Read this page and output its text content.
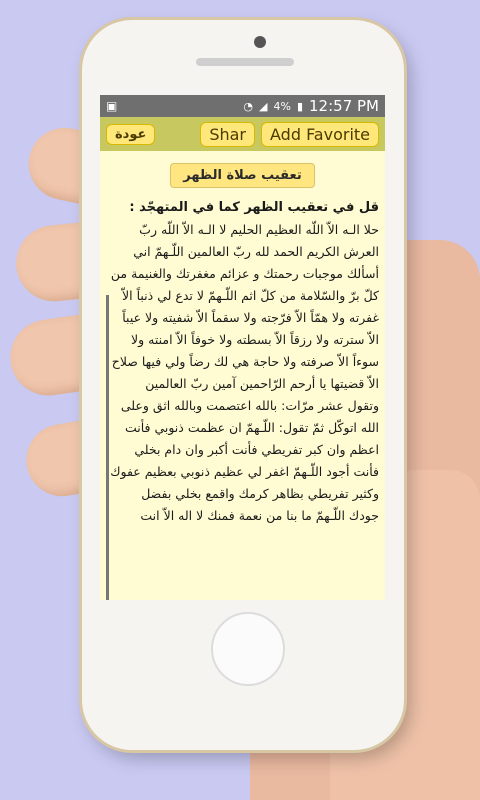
▣	◔ ◢ 4% ▮ 12:57 PM
عودة	Shar	Add Favorite
تعقيب صلاة الظهر
قل في تعقيب الظّهر كما في المتهجّد :

حلا الـه الاّ اللّه العظيم الحليم لا الـه الاّ اللّه ربّ العرش الكريم الحمد لله ربّ العالمين اللّـهمّ اني أسألك موجبات رحمتك و عزائم مغفرتك والغنيمة من كلّ برّ والسّلامة من كلّ اثم اللّـهمّ لا تدع لي ذنباً الاّ غفرته ولا همّاً الاّ فرّجته ولا سقماً الاّ شفيته ولا عيباً الاّ سترته ولا رزقاً الاّ بسطته ولا خوفاً الاّ امنته ولا سوءاً الاّ صرفته ولا حاجة هي لك رضاً ولي فيها صلاح الاّ قضيتها يا أرحم الرّاحمين آمين ربّ العالمين

وتقول عشر مرّات: بالله اعتصمت وبالله اثق وعلى الله اتوكّل ثمّ تقول: اللّـهمّ ان عظمت ذنوبي فأنت اعظم وان كبر تفريطي فأنت أكبر وان دام بخلي فأنت أجود اللّـهمّ اغفر لي عظيم ذنوبي بعظيم عفوك وكثير تفريطي بظاهر كرمك واقمع بخلي بفضل جودك اللّـهمّ ما بنا من نعمة فمنك لا اله الاّ انت
